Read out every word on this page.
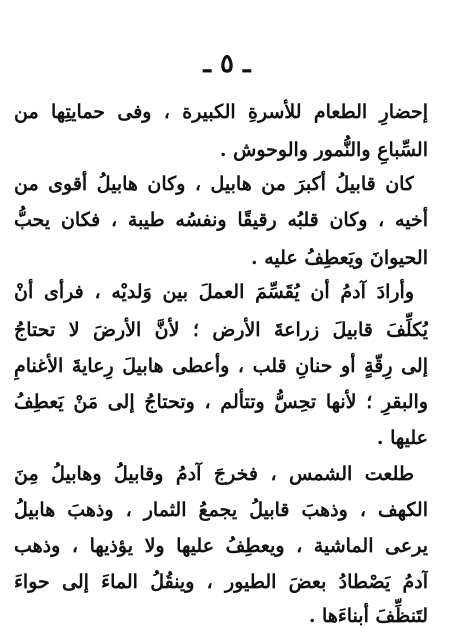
ـ ٥ ـ
إحضارِ الطعام للأسرةِ الكبيرة ، وفى حمايتِها من
السِّباعِ والنُّمور والوحوش .
كان قابيلُ أكبرَ من هابيل ، وكان هابيلُ أقوى من
أخيه ، وكان قلبُه رقيقًا ونفسُه طيبة ، فكان يحبُّ
الحيوانَ ويَعطِفُ عليه .
وأرادَ آدمُ أن يُقَسِّمَ العملَ بين وَلديْه ، فرأى أنْ
يُكلِّفَ قابيلَ زراعةَ الأرض ؛ لأنَّ الأرضَ لا تحتاجُ
إلى رِقّةٍ أو حنانِ قلب ، وأعطى هابيلَ رِعايةَ الأغنامِ
والبقرِ ؛ لأنها تحِسُّ وتتألم ، وتحتاجُ إلى مَنْ يَعطِفُ
عليها .
طلعت الشمس ، فخرجَ آدمُ وقابيلُ وهابيلُ مِنَ
الكهف ، وذهبَ قابيلُ يجمعُ الثمار ، وذهبَ هابيلُ
يرعى الماشية ، ويعطِفُ عليها ولا يؤذيها ، وذهب
آدمُ يَصْطادُ بعضَ الطيور ، وينقُلُ الماءَ إلى حواءَ
لتَنظِّفَ أبناءَها .
